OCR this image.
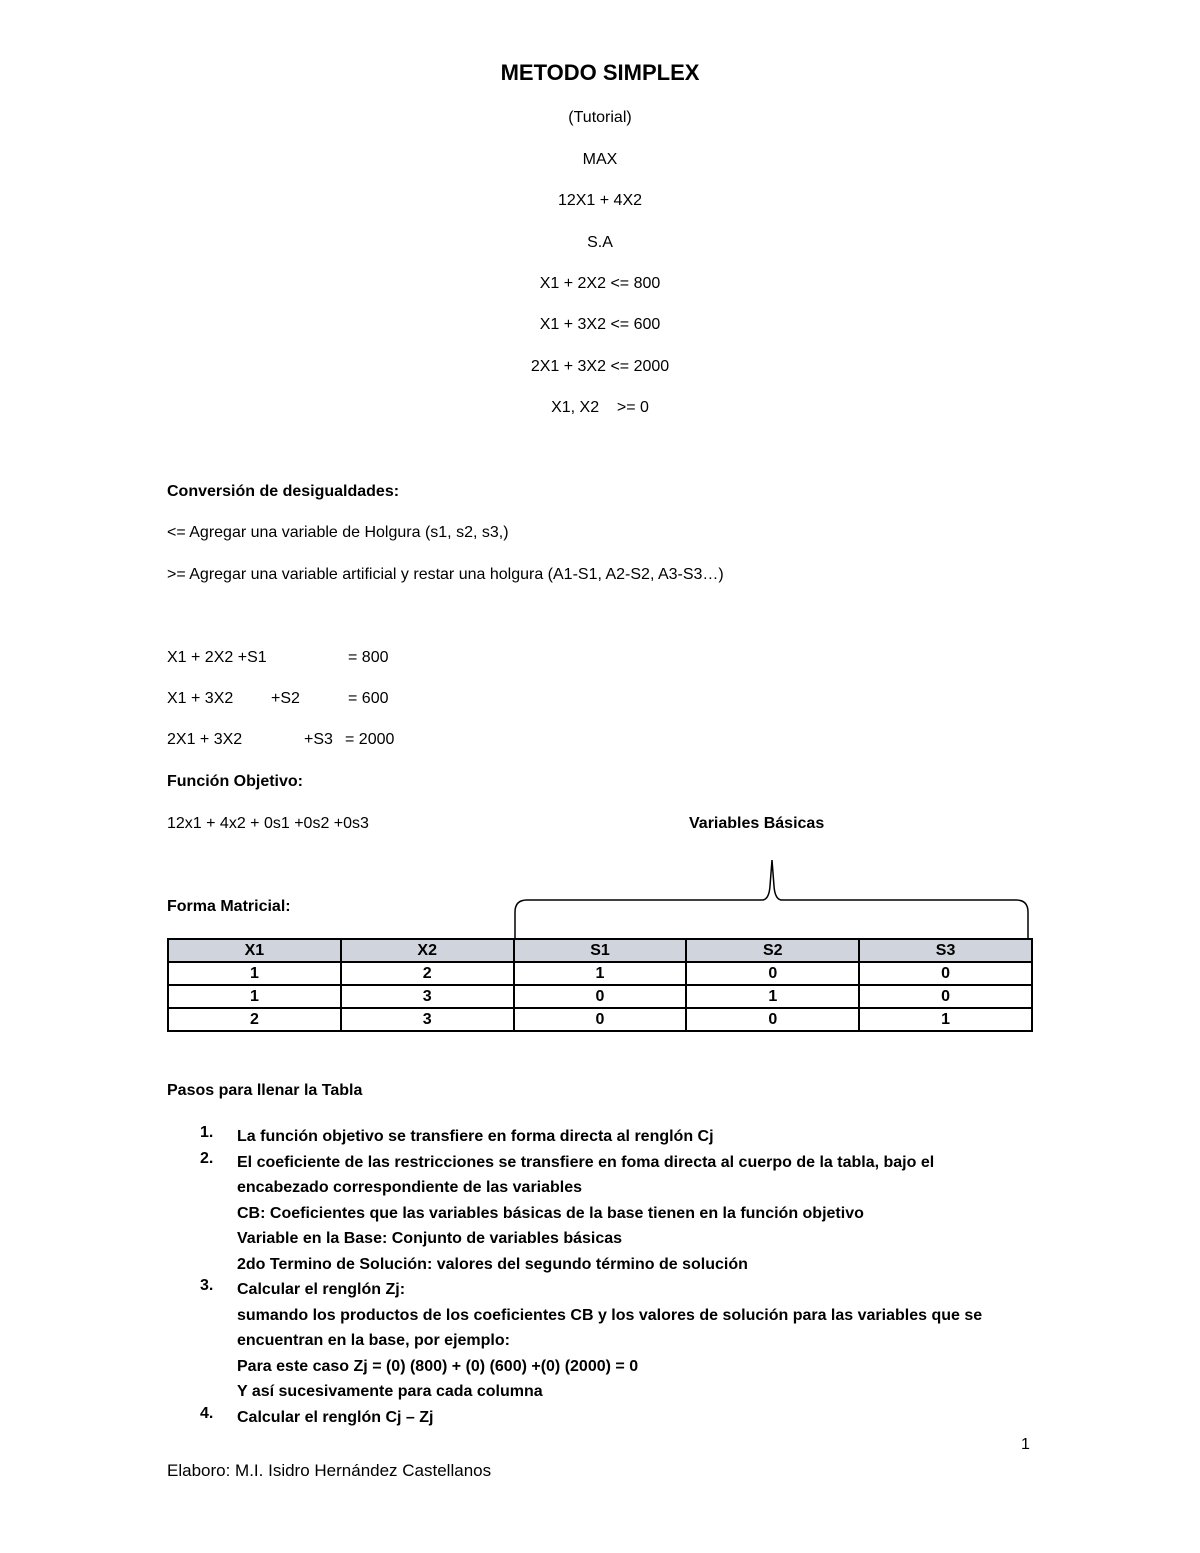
METODO SIMPLEX
(Tutorial)
MAX
12X1 + 4X2
S.A
X1 + 2X2 <= 800
X1 + 3X2 <= 600
2X1 + 3X2 <= 2000
X1, X2    >= 0
Conversión de desigualdades:
<= Agregar una variable de Holgura (s1, s2, s3,)
>= Agregar una variable artificial y restar una holgura (A1-S1, A2-S2, A3-S3…)
X1 + 2X2 +S1	= 800
X1 + 3X2 +S2	= 600
2X1 + 3X2	+S3 = 2000
Función Objetivo:
12x1 + 4x2 + 0s1 +0s2 +0s3	Variables Básicas
Forma Matricial:
X1	X2	S1	S2	S3
1	2	1	0	0
1	3	0	1	0
2	3	0	0	1
Pasos para llenar la Tabla
1. La función objetivo se transfiere en forma directa al renglón Cj
2. El coeficiente de las restricciones se transfiere en foma directa al cuerpo de la tabla, bajo el
encabezado correspondiente de las variables
CB: Coeficientes que las variables básicas de la base tienen en la función objetivo
Variable en la Base: Conjunto de variables básicas
2do Termino de Solución: valores del segundo término de solución
3. Calcular el renglón Zj:
sumando los productos de los coeficientes CB y los valores de solución para las variables que se
encuentran en la base, por ejemplo:
Para este caso Zj = (0) (800) + (0) (600) +(0) (2000) = 0
Y así sucesivamente para cada columna
4. Calcular el renglón Cj – Zj
1
Elaboro: M.I. Isidro Hernández Castellanos
